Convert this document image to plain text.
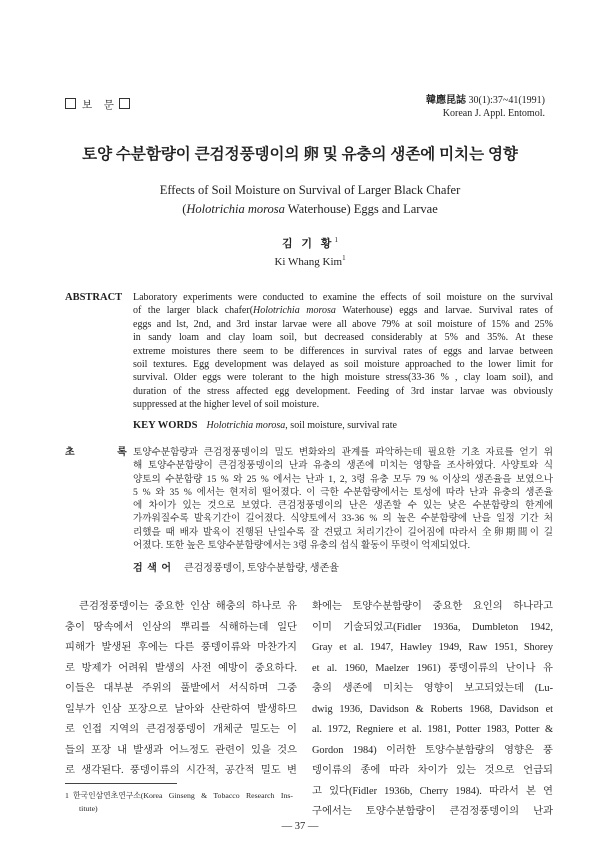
보 문	韓應昆誌 30(1):37~41(1991)
Korean J. Appl. Entomol.
토양 수분함량이 큰검정풍뎅이의 卵 및 유충의 생존에 미치는 영향
Effects of Soil Moisture on Survival of Larger Black Chafer
(Holotrichia morosa Waterhouse) Eggs and Larvae
김 기 황$^1$
Ki Whang Kim$^1$
ABSTRACT Laboratory experiments were conducted to examine the effects of soil moisture on the survival
of the larger black chafer(Holotrichia morosa Waterhouse) eggs and larvae. Survival rates of
eggs and lst, 2nd, and 3rd instar larvae were all above 79% at soil moisture of 15% and 25%
in sandy loam and clay loam soil, but decreased considerably at 5% and 35%. At these
extreme moistures there seem to be differences in survival rates of eggs and larvae between
soil textures. Egg development was delayed as soil moisture approached to the lower limit for
survival. Older eggs were tolerant to the high moisture stress(33-36 % , clay loam soil), and
duration of the stress affected egg development. Feeding of 3rd instar larvae was obviously
suppressed at the higher level of soil moisture.
KEY WORDS Holotrichia morosa, soil moisture, survival rate
초 록 토양수분함량과 큰검정풍뎅이의 밀도 변화와의 관계를 파악하는데 필요한 기초 자료를 얻기 위
해 토양수분함량이 큰검정풍뎅이의 난과 유충의 생존에 미치는 영향을 조사하였다. 사양토와 식
양토의 수분함량 15 % 와 25 % 에서는 난과 1, 2, 3령 유충 모두 79 % 이상의 생존율을 보였으나
5 % 와 35 % 에서는 현저히 떨어졌다. 이 극한 수분함량에서는 토성에 따라 난과 유충의 생존율
에 차이가 있는 것으로 보였다. 큰검정풍뎅이의 난은 생존할 수 있는 낮은 수분함량의 한계에
가까워질수록 발육기간이 길어졌다. 식양토에서 33-36 % 의 높은 수분함량에 난을 일정 기간 처
리했을 때 배자 발육이 진행된 난일수록 잘 견뎠고 처리기간이 길어짐에 따라서 全卵期間이 길
어졌다. 또한 높은 토양수분함량에서는 3령 유충의 섭식 활동이 뚜렷이 억제되었다.
검 색 어 큰검정풍뎅이, 토양수분함량, 생존율
큰검정풍뎅이는 중요한 인삼 해충의 하나로 유
충이 땅속에서 인삼의 뿌리를 식해하는데 일단
피해가 발생된 후에는 다른 풍뎅이류와 마찬가지
로 방제가 어려워 발생의 사전 예방이 중요하다.
이들은 대부분 주위의 풀밭에서 서식하며 그중
일부가 인삼 포장으로 날아와 산란하여 발생하므
로 인접 지역의 큰검정풍뎅이 개체군 밀도는 이
들의 포장 내 발생과 어느정도 관련이 있을 것으
로 생각된다. 풍뎅이류의 시간적, 공간적 밀도 변
화에는 토양수분함량이 중요한 요인의 하나라고
이미 기술되었고(Fidler 1936a, Dumbleton 1942,
Gray et al. 1947, Hawley 1949, Raw 1951, Shorey
et al. 1960, Maelzer 1961) 풍뎅이류의 난이나 유
충의 생존에 미치는 영향이 보고되었는데 (Lu-
dwig 1936, Davidson & Roberts 1968, Davidson et
al. 1972, Regniere et al. 1981, Potter 1983, Potter &
Gordon 1984) 이러한 토양수분함량의 영향은 풍
뎅이류의 종에 따라 차이가 있는 것으로 언급되
고 있다(Fidler 1936b, Cherry 1984). 따라서 본 연
구에서는 토양수분함량이 큰검정풍뎅이의 난과
1 한국인삼연초연구소(Korea Ginseng & Tobacco Research Ins-
titute)
— 37 —
